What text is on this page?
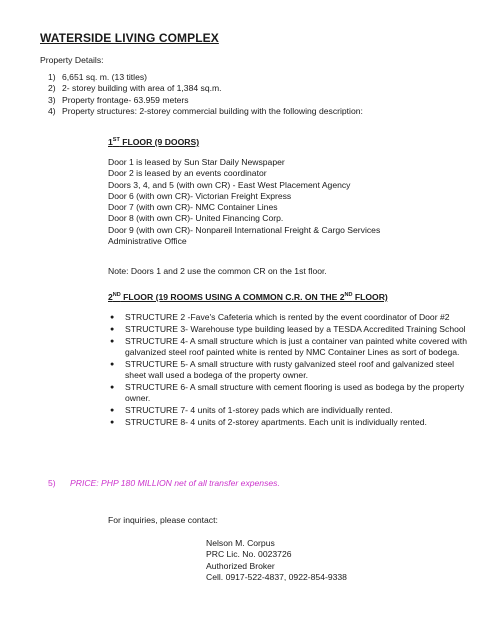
WATERSIDE LIVING COMPLEX
Property Details:
1) 6,651 sq. m. (13 titles)
2) 2- storey building with area of 1,384 sq.m.
3) Property frontage- 63.959 meters
4) Property structures: 2-storey commercial building with the following description:
1ST FLOOR (9 DOORS)
Door 1 is leased by Sun Star Daily Newspaper
Door 2 is leased by an events coordinator
Doors 3, 4, and 5 (with own CR) - East West Placement Agency
Door 6 (with own CR)- Victorian Freight Express
Door 7 (with own CR)- NMC Container Lines
Door 8 (with own CR)- United Financing Corp.
Door 9 (with own CR)- Nonpareil International Freight & Cargo Services
Administrative Office
Note: Doors 1 and 2 use the common CR on the 1st floor.
2ND FLOOR (19 ROOMS USING A COMMON C.R. ON THE 2ND FLOOR)
● STRUCTURE 2 -Fave's Cafeteria which is rented by the event coordinator of Door #2
● STRUCTURE 3- Warehouse type building leased by a TESDA Accredited Training School
● STRUCTURE 4- A small structure which is just a container van painted white covered with galvanized steel roof painted white is rented by NMC Container Lines as sort of bodega.
● STRUCTURE 5- A small structure with rusty galvanized steel roof and galvanized steel sheet wall used a bodega of the property owner.
● STRUCTURE 6- A small structure with cement flooring is used as bodega by the property owner.
● STRUCTURE 7- 4 units of 1-storey pads which are individually rented.
● STRUCTURE 8- 4 units of 2-storey apartments. Each unit is individually rented.
5) PRICE: PHP 180 MILLION net of all transfer expenses.
For inquiries, please contact:
Nelson M. Corpus
PRC Lic. No. 0023726
Authorized Broker
Cell. 0917-522-4837, 0922-854-9338
